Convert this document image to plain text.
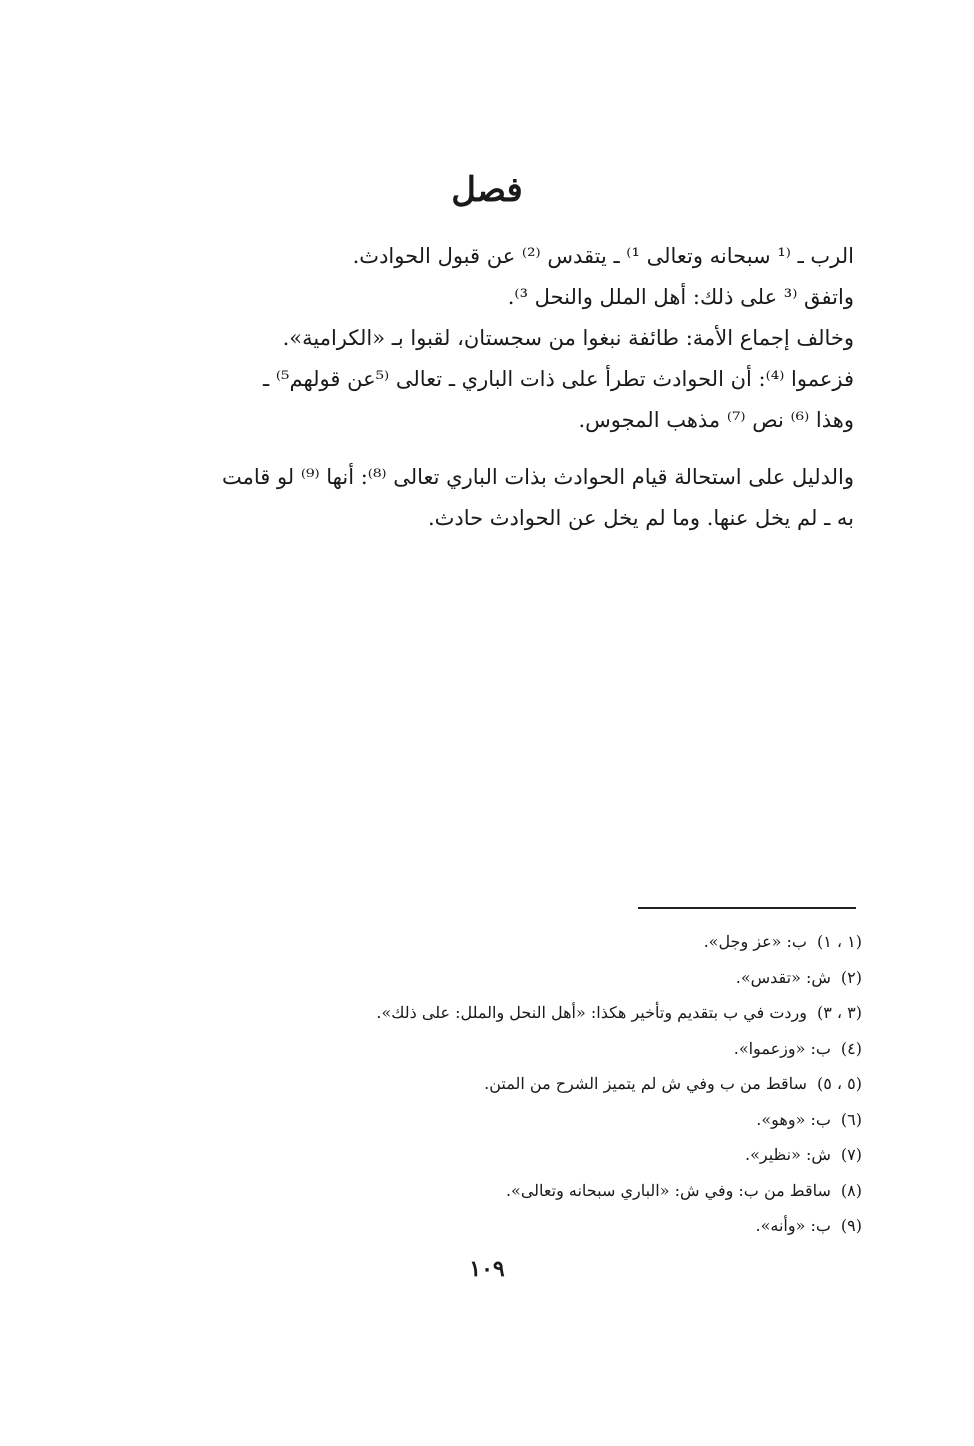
فصل

الرب ـ ⁽¹ سبحانه وتعالى ¹⁾ ـ يتقدس ⁽²⁾ عن قبول الحوادث.

واتفق ⁽³ على ذلك: أهل الملل والنحل ³⁾.

وخالف إجماع الأمة: طائفة نبغوا من سجستان، لقبوا بـ «الكرامية».

فزعموا ⁽⁴⁾: أن الحوادث تطرأ على ذات الباري ـ تعالى ⁽⁵عن قولهم⁵⁾ ـ

وهذا ⁽⁶⁾ نص ⁽⁷⁾ مذهب المجوس.

والدليل على استحالة قيام الحوادث بذات الباري تعالى ⁽⁸⁾: أنها ⁽⁹⁾ لو قامت

به ـ لم يخل عنها. وما لم يخل عن الحوادث حادث.

(١ ، ١)ب: «عز وجل».
(٢)ش: «تقدس».
(٣ ، ٣)وردت في ب بتقديم وتأخير هكذا: «أهل النحل والملل: على ذلك».
(٤)ب: «وزعموا».
(٥ ، ٥)ساقط من ب وفي ش لم يتميز الشرح من المتن.
(٦)ب: «وهو».
(٧)ش: «نظير».
(٨)ساقط من ب: وفي ش: «الباري سبحانه وتعالى».
(٩)ب: «وأنه».
١٠٩
